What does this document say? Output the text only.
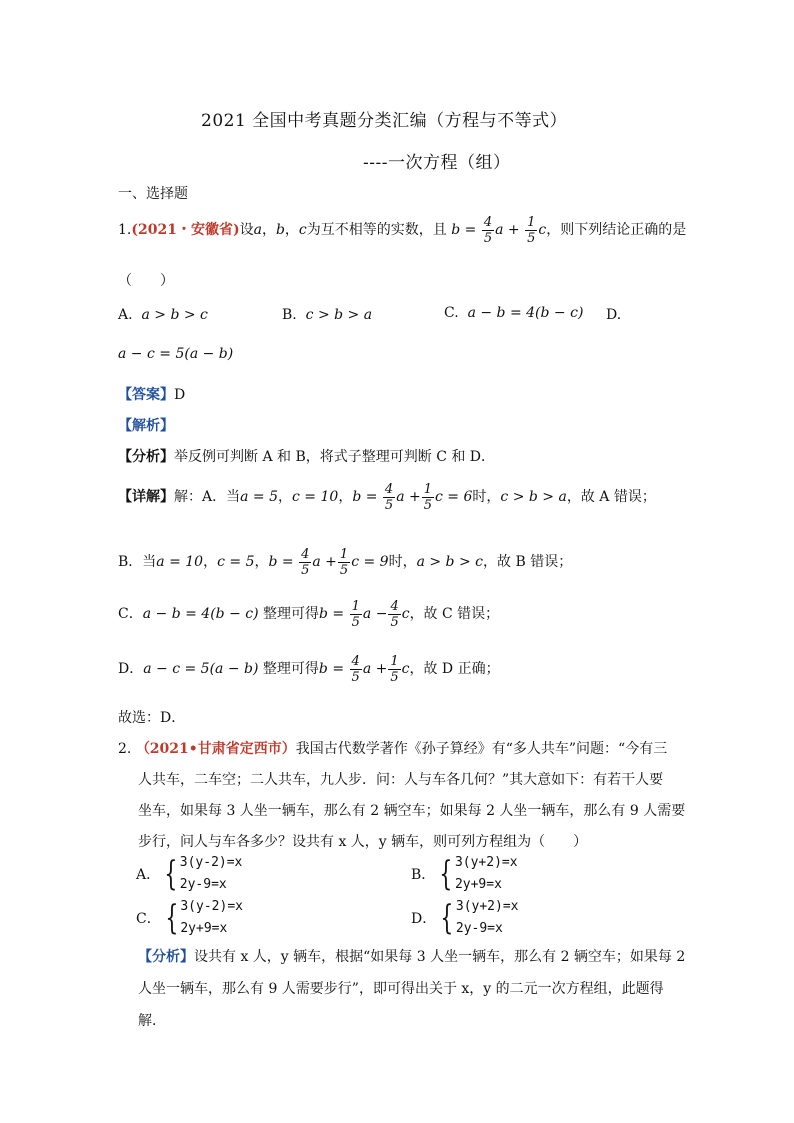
2021 全国中考真题分类汇编（方程与不等式）
----一次方程（组）
一、选择题
1.(2021・安徽省)设a，b，c为互不相等的实数，且 $b = \frac{4}{5}$ $a + \frac{1}{5}$ c，则下列结论正确的是
（　　）
A. a > b > c	B. c > b > a	C. a − b = 4(b − c) D.
a − c = 5(a − b)
【答案】D
【解析】
【分析】举反例可判断 A 和 B，将式子整理可判断 C 和 D．
【详解】解：A．当a = 5，c = 10，$b = \frac{4}{5}$ $a + \frac{1}{5}$ c = 6时，c > b > a，故 A 错误；
B．当a = 10，c = 5，$b = \frac{4}{5}$ $a + \frac{1}{5}$ c = 9时，a > b > c，故 B 错误；
C．a − b = 4(b − c) 整理可得$b = \frac{1}{5}$ $a - \frac{4}{5}$ c，故 C 错误；
D．a − c = 5(a − b) 整理可得$b = \frac{4}{5}$ $a + \frac{1}{5}$ c，故 D 正确；
故选：D．
2. （2021•甘肃省定西市）我国古代数学著作《孙子算经》有“多人共车”问题：“今有三
人共车，二车空；二人共车，九人步．问：人与车各几何？”其大意如下：有若干人要
坐车，如果每 3 人坐一辆车，那么有 2 辆空车；如果每 2 人坐一辆车，那么有 9 人需要
步行，问人与车各多少？设共有 x 人，y 辆车，则可列方程组为（　　）
A． { 3(y-2)=x
2y-9=x
B． { 3(y+2)=x
2y+9=x
C． { 3(y-2)=x
2y+9=x
D． { 3(y+2)=x
2y-9=x
【分析】设共有 x 人，y 辆车，根据“如果每 3 人坐一辆车，那么有 2 辆空车；如果每 2
人坐一辆车，那么有 9 人需要步行”，即可得出关于 x，y 的二元一次方程组，此题得
解．
